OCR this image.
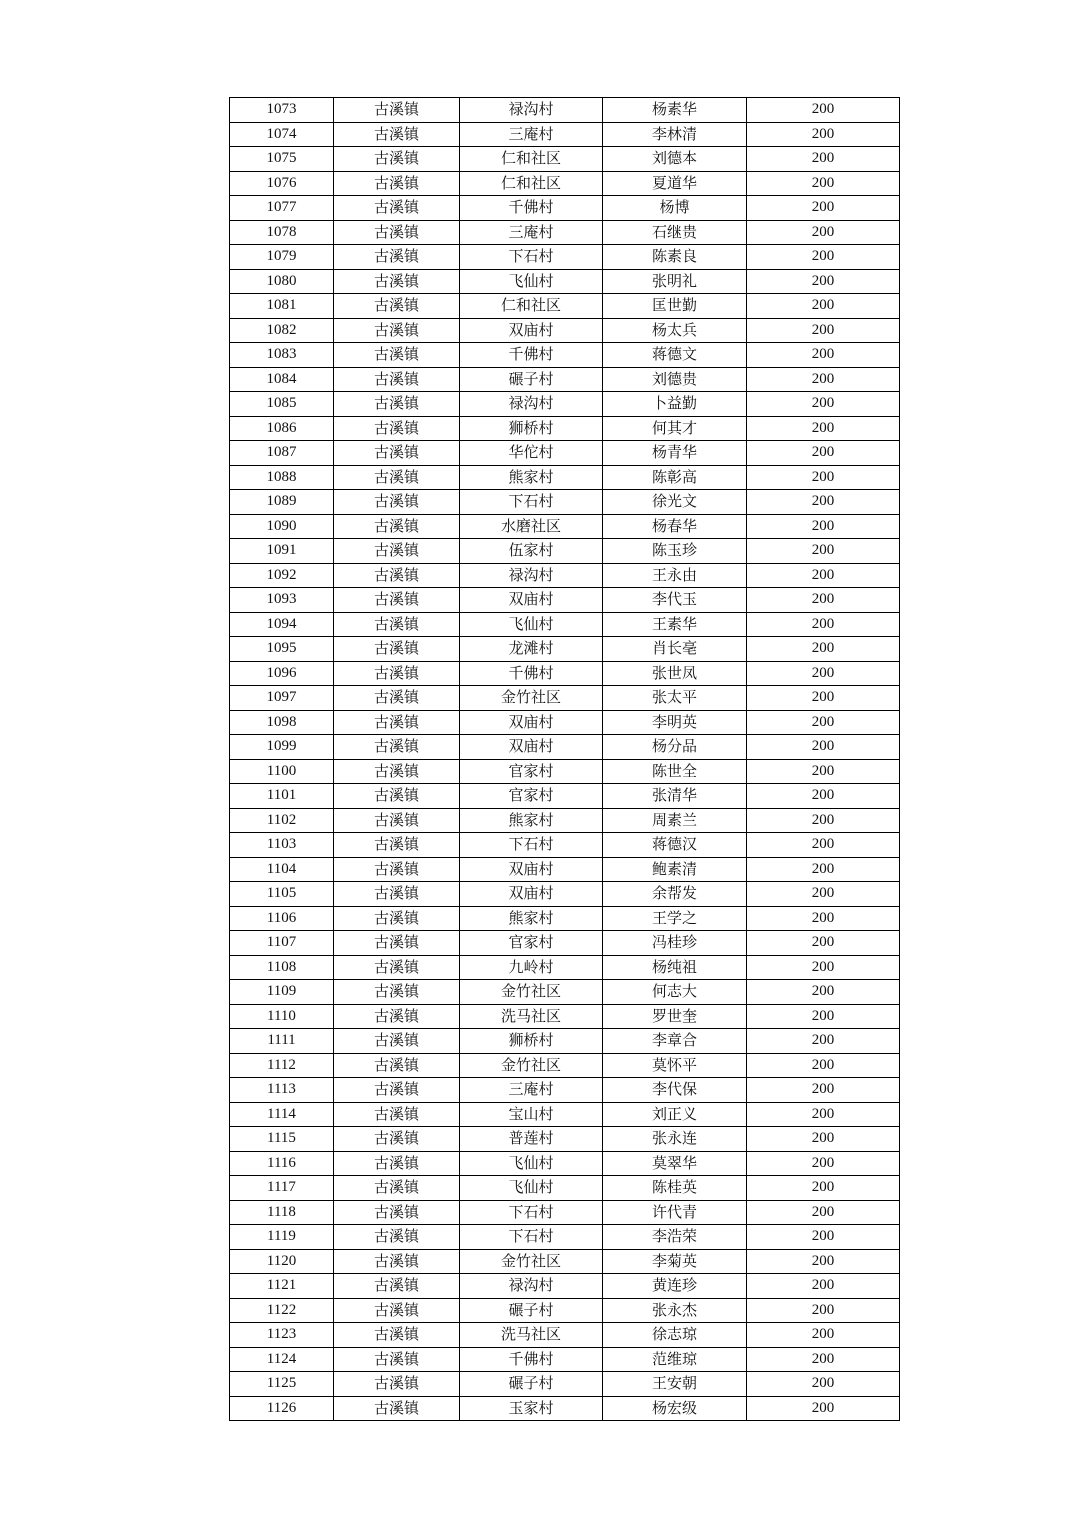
1073	古溪镇	禄沟村	杨素华	200
1074	古溪镇	三庵村	李林清	200
1075	古溪镇	仁和社区	刘德本	200
1076	古溪镇	仁和社区	夏道华	200
1077	古溪镇	千佛村	杨博	200
1078	古溪镇	三庵村	石继贵	200
1079	古溪镇	下石村	陈素良	200
1080	古溪镇	飞仙村	张明礼	200
1081	古溪镇	仁和社区	匡世勤	200
1082	古溪镇	双庙村	杨太兵	200
1083	古溪镇	千佛村	蒋德文	200
1084	古溪镇	碾子村	刘德贵	200
1085	古溪镇	禄沟村	卜益勤	200
1086	古溪镇	狮桥村	何其才	200
1087	古溪镇	华佗村	杨青华	200
1088	古溪镇	熊家村	陈彰高	200
1089	古溪镇	下石村	徐光文	200
1090	古溪镇	水磨社区	杨春华	200
1091	古溪镇	伍家村	陈玉珍	200
1092	古溪镇	禄沟村	王永由	200
1093	古溪镇	双庙村	李代玉	200
1094	古溪镇	飞仙村	王素华	200
1095	古溪镇	龙滩村	肖长亳	200
1096	古溪镇	千佛村	张世凤	200
1097	古溪镇	金竹社区	张太平	200
1098	古溪镇	双庙村	李明英	200
1099	古溪镇	双庙村	杨分品	200
1100	古溪镇	官家村	陈世全	200
1101	古溪镇	官家村	张清华	200
1102	古溪镇	熊家村	周素兰	200
1103	古溪镇	下石村	蒋德汉	200
1104	古溪镇	双庙村	鲍素清	200
1105	古溪镇	双庙村	余帮发	200
1106	古溪镇	熊家村	王学之	200
1107	古溪镇	官家村	冯桂珍	200
1108	古溪镇	九岭村	杨纯祖	200
1109	古溪镇	金竹社区	何志大	200
1110	古溪镇	洗马社区	罗世奎	200
1111	古溪镇	狮桥村	李章合	200
1112	古溪镇	金竹社区	莫怀平	200
1113	古溪镇	三庵村	李代保	200
1114	古溪镇	宝山村	刘正义	200
1115	古溪镇	普莲村	张永连	200
1116	古溪镇	飞仙村	莫翠华	200
1117	古溪镇	飞仙村	陈桂英	200
1118	古溪镇	下石村	许代青	200
1119	古溪镇	下石村	李浩荣	200
1120	古溪镇	金竹社区	李菊英	200
1121	古溪镇	禄沟村	黄连珍	200
1122	古溪镇	碾子村	张永杰	200
1123	古溪镇	洗马社区	徐志琼	200
1124	古溪镇	千佛村	范维琼	200
1125	古溪镇	碾子村	王安朝	200
1126	古溪镇	玉家村	杨宏级	200
